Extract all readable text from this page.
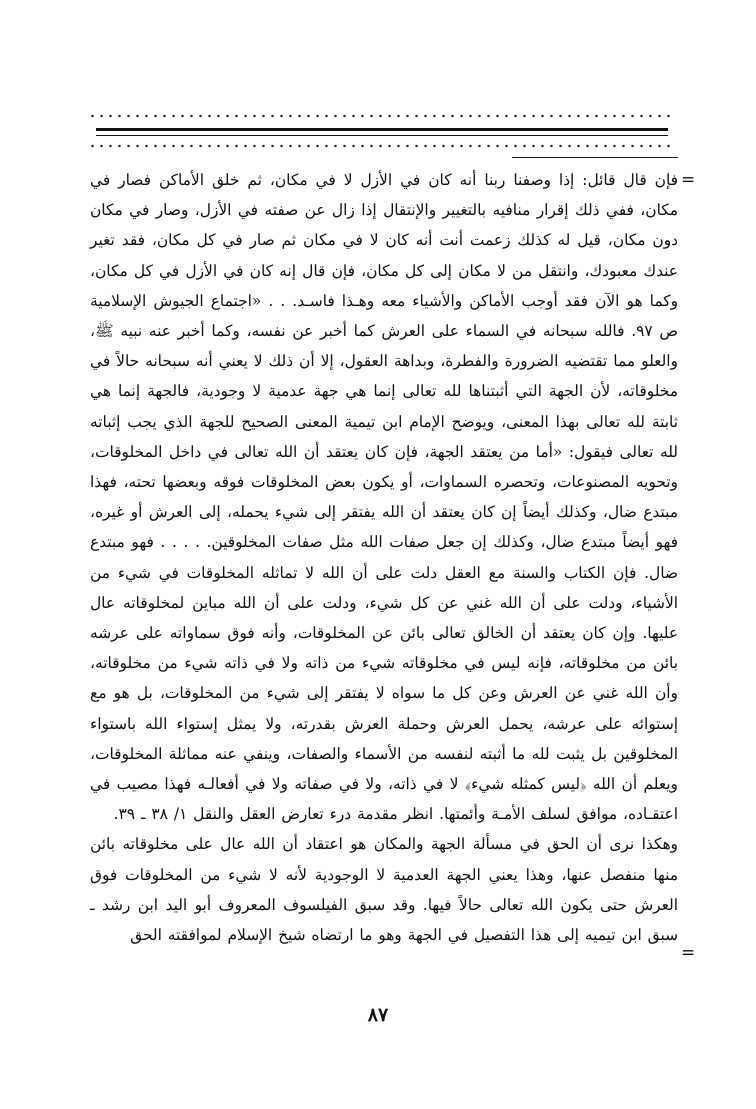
=

فإن قال قائل: إذا وصفنا ربنا أنه كان في الأزل لا في مكان، ثم خلق الأماكن فصار في مكان، ففي ذلك إقرار منافيه بالتغيير والإنتقال إذا زال عن صفته في الأزل، وصار في مكان دون مكان، قيل له كذلك زعمت أنت أنه كان لا في مكان ثم صار في كل مكان، فقد تغير عندك معبودك، وانتقل من لا مكان إلى كل مكان، فإن قال إنه كان في الأزل في كل مكان، وكما هو الآن فقد أوجب الأماكن والأشياء معه وهـذا فاسـد. . . «اجتماع الجيوش الإسلامية ص ٩٧. فالله سبحانه في السماء على العرش كما أخبر عن نفسه، وكما أخبر عنه نبيه ﷺ، والعلو مما تقتضيه الضرورة والفطرة، وبداهة العقول، إلا أن ذلك لا يعني أنه سبحانه حالاً في مخلوقاته، لأن الجهة التي أثبتناها لله تعالى إنما هي جهة عدمية لا وجودية، فالجهة إنما هي ثابتة لله تعالى بهذا المعنى، ويوضح الإمام ابن تيمية المعنى الصحيح للجهة الذي يجب إثباته لله تعالى فيقول: «أما من يعتقد الجهة، فإن كان يعتقد أن الله تعالى في داخل المخلوقات، وتحويه المصنوعات، وتحصره السماوات، أو يكون بعض المخلوقات فوقه وبعضها تحته، فهذا مبتدع ضال، وكذلك أيضاً إن كان يعتقد أن الله يفتقر إلى شيء يحمله، إلى العرش أو غيره، فهو أيضاً مبتدع ضال، وكذلك إن جعل صفات الله مثل صفات المخلوقين. . . . . فهو مبتدع ضال. فإن الكتاب والسنة مع العقل دلت على أن الله لا تماثله المخلوقات في شيء من الأشياء، ودلت على أن الله غني عن كل شيء، ودلت على أن الله مباين لمخلوقاته عال عليها. وإن كان يعتقد أن الخالق تعالى بائن عن المخلوقات، وأنه فوق سماواته على عرشه بائن من مخلوقاته، فإنه ليس في مخلوقاته شيء من ذاته ولا في ذاته شيء من مخلوقاته، وأن الله غني عن العرش وعن كل ما سواه لا يفتقر إلى شيء من المخلوقات، بل هو مع إستوائه على عرشه، يحمل العرش وحملة العرش بقدرته، ولا يمثل إستواء الله باستواء المخلوقين بل يثبت لله ما أثبته لنفسه من الأسماء والصفات، وينفي عنه مماثلة المخلوقات، ويعلم أن الله ﴿ليس كمثله شيء﴾ لا في ذاته، ولا في صفاته ولا في أفعالـه فهذا مصيب في اعتقـاده، موافق لسلف الأمـة وأئمتها. انظر مقدمة درء تعارض العقل والنقل ١/ ٣٨ ـ ٣٩.

وهكذا نرى أن الحق في مسألة الجهة والمكان هو اعتقاد أن الله عال على مخلوقاته بائن منها منفصل عنها، وهذا يعني الجهة العدمية لا الوجودية لأنه لا شيء من المخلوقات فوق العرش حتى يكون الله تعالى حالاً فيها. وقد سبق الفيلسوف المعروف أبو اليد ابن رشد ـ سبق ابن تيميه إلى هذا التفصيل في الجهة وهو ما ارتضاه شيخ الإسلام لموافقته الحق

=
٨٧
